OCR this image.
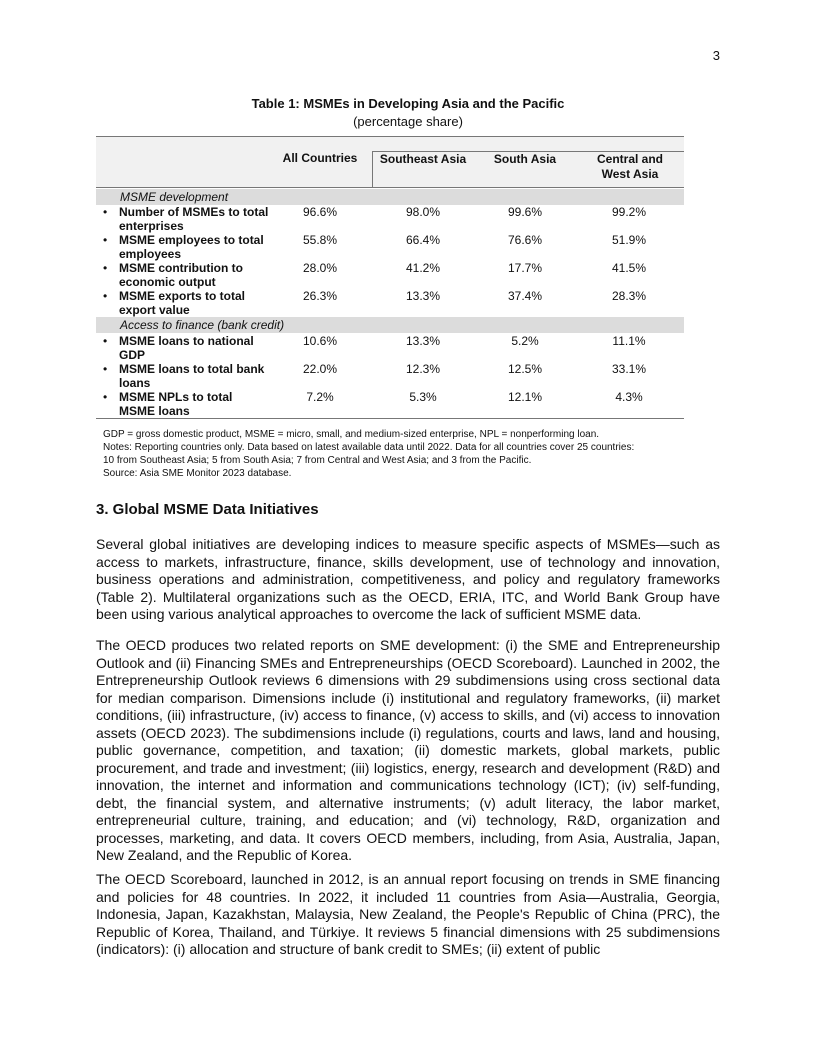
3
Table 1: MSMEs in Developing Asia and the Pacific
(percentage share)
All Countries	Southeast Asia	South Asia	Central and West Asia
MSME development
• Number of MSMEs to total enterprises
96.6%	98.0%	99.6%	99.2%
• MSME employees to total employees
55.8%	66.4%	76.6%	51.9%
• MSME contribution to economic output
28.0%	41.2%	17.7%	41.5%
• MSME exports to total export value
26.3%	13.3%	37.4%	28.3%
Access to finance (bank credit)
• MSME loans to national GDP
10.6%	13.3%	5.2%	11.1%
• MSME loans to total bank loans
22.0%	12.3%	12.5%	33.1%
• MSME NPLs to total MSME loans
7.2%	5.3%	12.1%	4.3%
GDP = gross domestic product, MSME = micro, small, and medium-sized enterprise, NPL = nonperforming loan.
Notes: Reporting countries only. Data based on latest available data until 2022. Data for all countries cover 25 countries:
10 from Southeast Asia; 5 from South Asia; 7 from Central and West Asia; and 3 from the Pacific.
Source: Asia SME Monitor 2023 database.
3. Global MSME Data Initiatives

Several global initiatives are developing indices to measure specific aspects of MSMEs—such as access to markets, infrastructure, finance, skills development, use of technology and innovation, business operations and administration, competitiveness, and policy and regulatory frameworks (Table 2). Multilateral organizations such as the OECD, ERIA, ITC, and World Bank Group have been using various analytical approaches to overcome the lack of sufficient MSME data.

The OECD produces two related reports on SME development: (i) the SME and Entrepreneurship Outlook and (ii) Financing SMEs and Entrepreneurships (OECD Scoreboard). Launched in 2002, the Entrepreneurship Outlook reviews 6 dimensions with 29 subdimensions using cross sectional data for median comparison. Dimensions include (i) institutional and regulatory frameworks, (ii) market conditions, (iii) infrastructure, (iv) access to finance, (v) access to skills, and (vi) access to innovation assets (OECD 2023). The subdimensions include (i) regulations, courts and laws, land and housing, public governance, competition, and taxation; (ii) domestic markets, global markets, public procurement, and trade and investment; (iii) logistics, energy, research and development (R&D) and innovation, the internet and information and communications technology (ICT); (iv) self-funding, debt, the financial system, and alternative instruments; (v) adult literacy, the labor market, entrepreneurial culture, training, and education; and (vi) technology, R&D, organization and processes, marketing, and data. It covers OECD members, including, from Asia, Australia, Japan, New Zealand, and the Republic of Korea.

The OECD Scoreboard, launched in 2012, is an annual report focusing on trends in SME financing and policies for 48 countries. In 2022, it included 11 countries from Asia—Australia, Georgia, Indonesia, Japan, Kazakhstan, Malaysia, New Zealand, the People's Republic of China (PRC), the Republic of Korea, Thailand, and Türkiye. It reviews 5 financial dimensions with 25 subdimensions (indicators): (i) allocation and structure of bank credit to SMEs; (ii) extent of public
